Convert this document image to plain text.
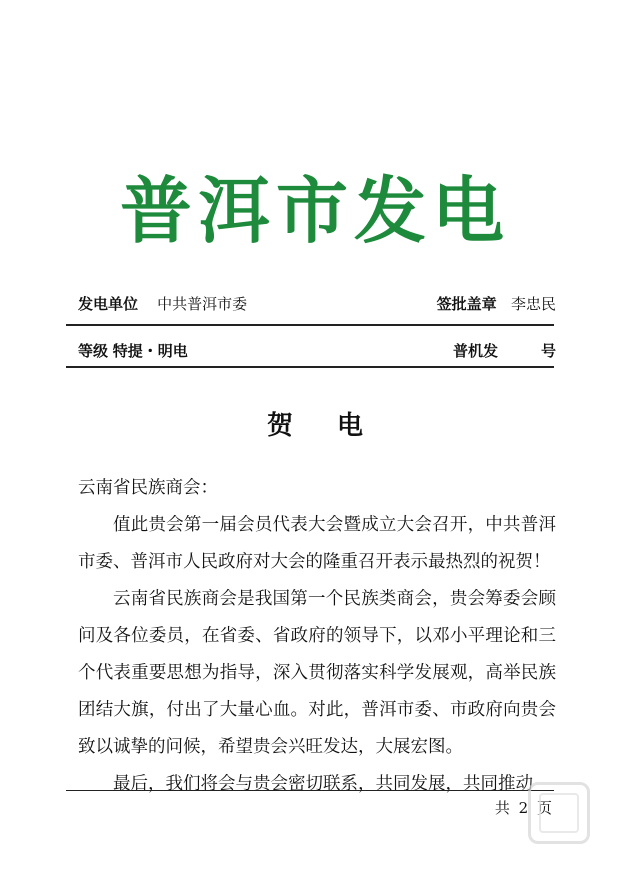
普洱市发电
发电单位 中共普洱市委	签批盖章 李忠民
等级 特提・明电	普机发	号
贺电

云南省民族商会：

值此贵会第一届会员代表大会暨成立大会召开，中共普洱市委、普洱市人民政府对大会的隆重召开表示最热烈的祝贺！

云南省民族商会是我国第一个民族类商会，贵会筹委会顾问及各位委员，在省委、省政府的领导下，以邓小平理论和三个代表重要思想为指导，深入贯彻落实科学发展观，高举民族团结大旗，付出了大量心血。对此，普洱市委、市政府向贵会致以诚挚的问候，希望贵会兴旺发达，大展宏图。

最后，我们将会与贵会密切联系，共同发展，共同推动

共 2 页
